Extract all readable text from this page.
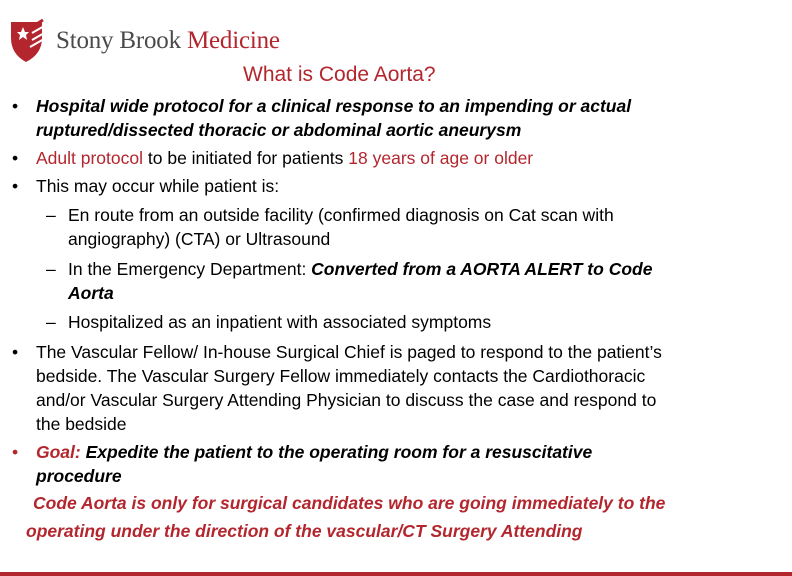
Stony Brook Medicine
What is Code Aorta?
• Hospital wide protocol for a clinical response to an impending or actual
ruptured/dissected thoracic or abdominal aortic aneurysm
• Adult protocol to be initiated for patients 18 years of age or older
• This may occur while patient is:
– En route from an outside facility (confirmed diagnosis on Cat scan with
angiography) (CTA) or Ultrasound
– In the Emergency Department: Converted from a AORTA ALERT to Code
Aorta
– Hospitalized as an inpatient with associated symptoms
• The Vascular Fellow/ In-house Surgical Chief is paged to respond to the patient’s
bedside. The Vascular Surgery Fellow immediately contacts the Cardiothoracic
and/or Vascular Surgery Attending Physician to discuss the case and respond to
the bedside
• Goal: Expedite the patient to the operating room for a resuscitative
procedure
Code Aorta is only for surgical candidates who are going immediately to the
operating under the direction of the vascular/CT Surgery Attending
